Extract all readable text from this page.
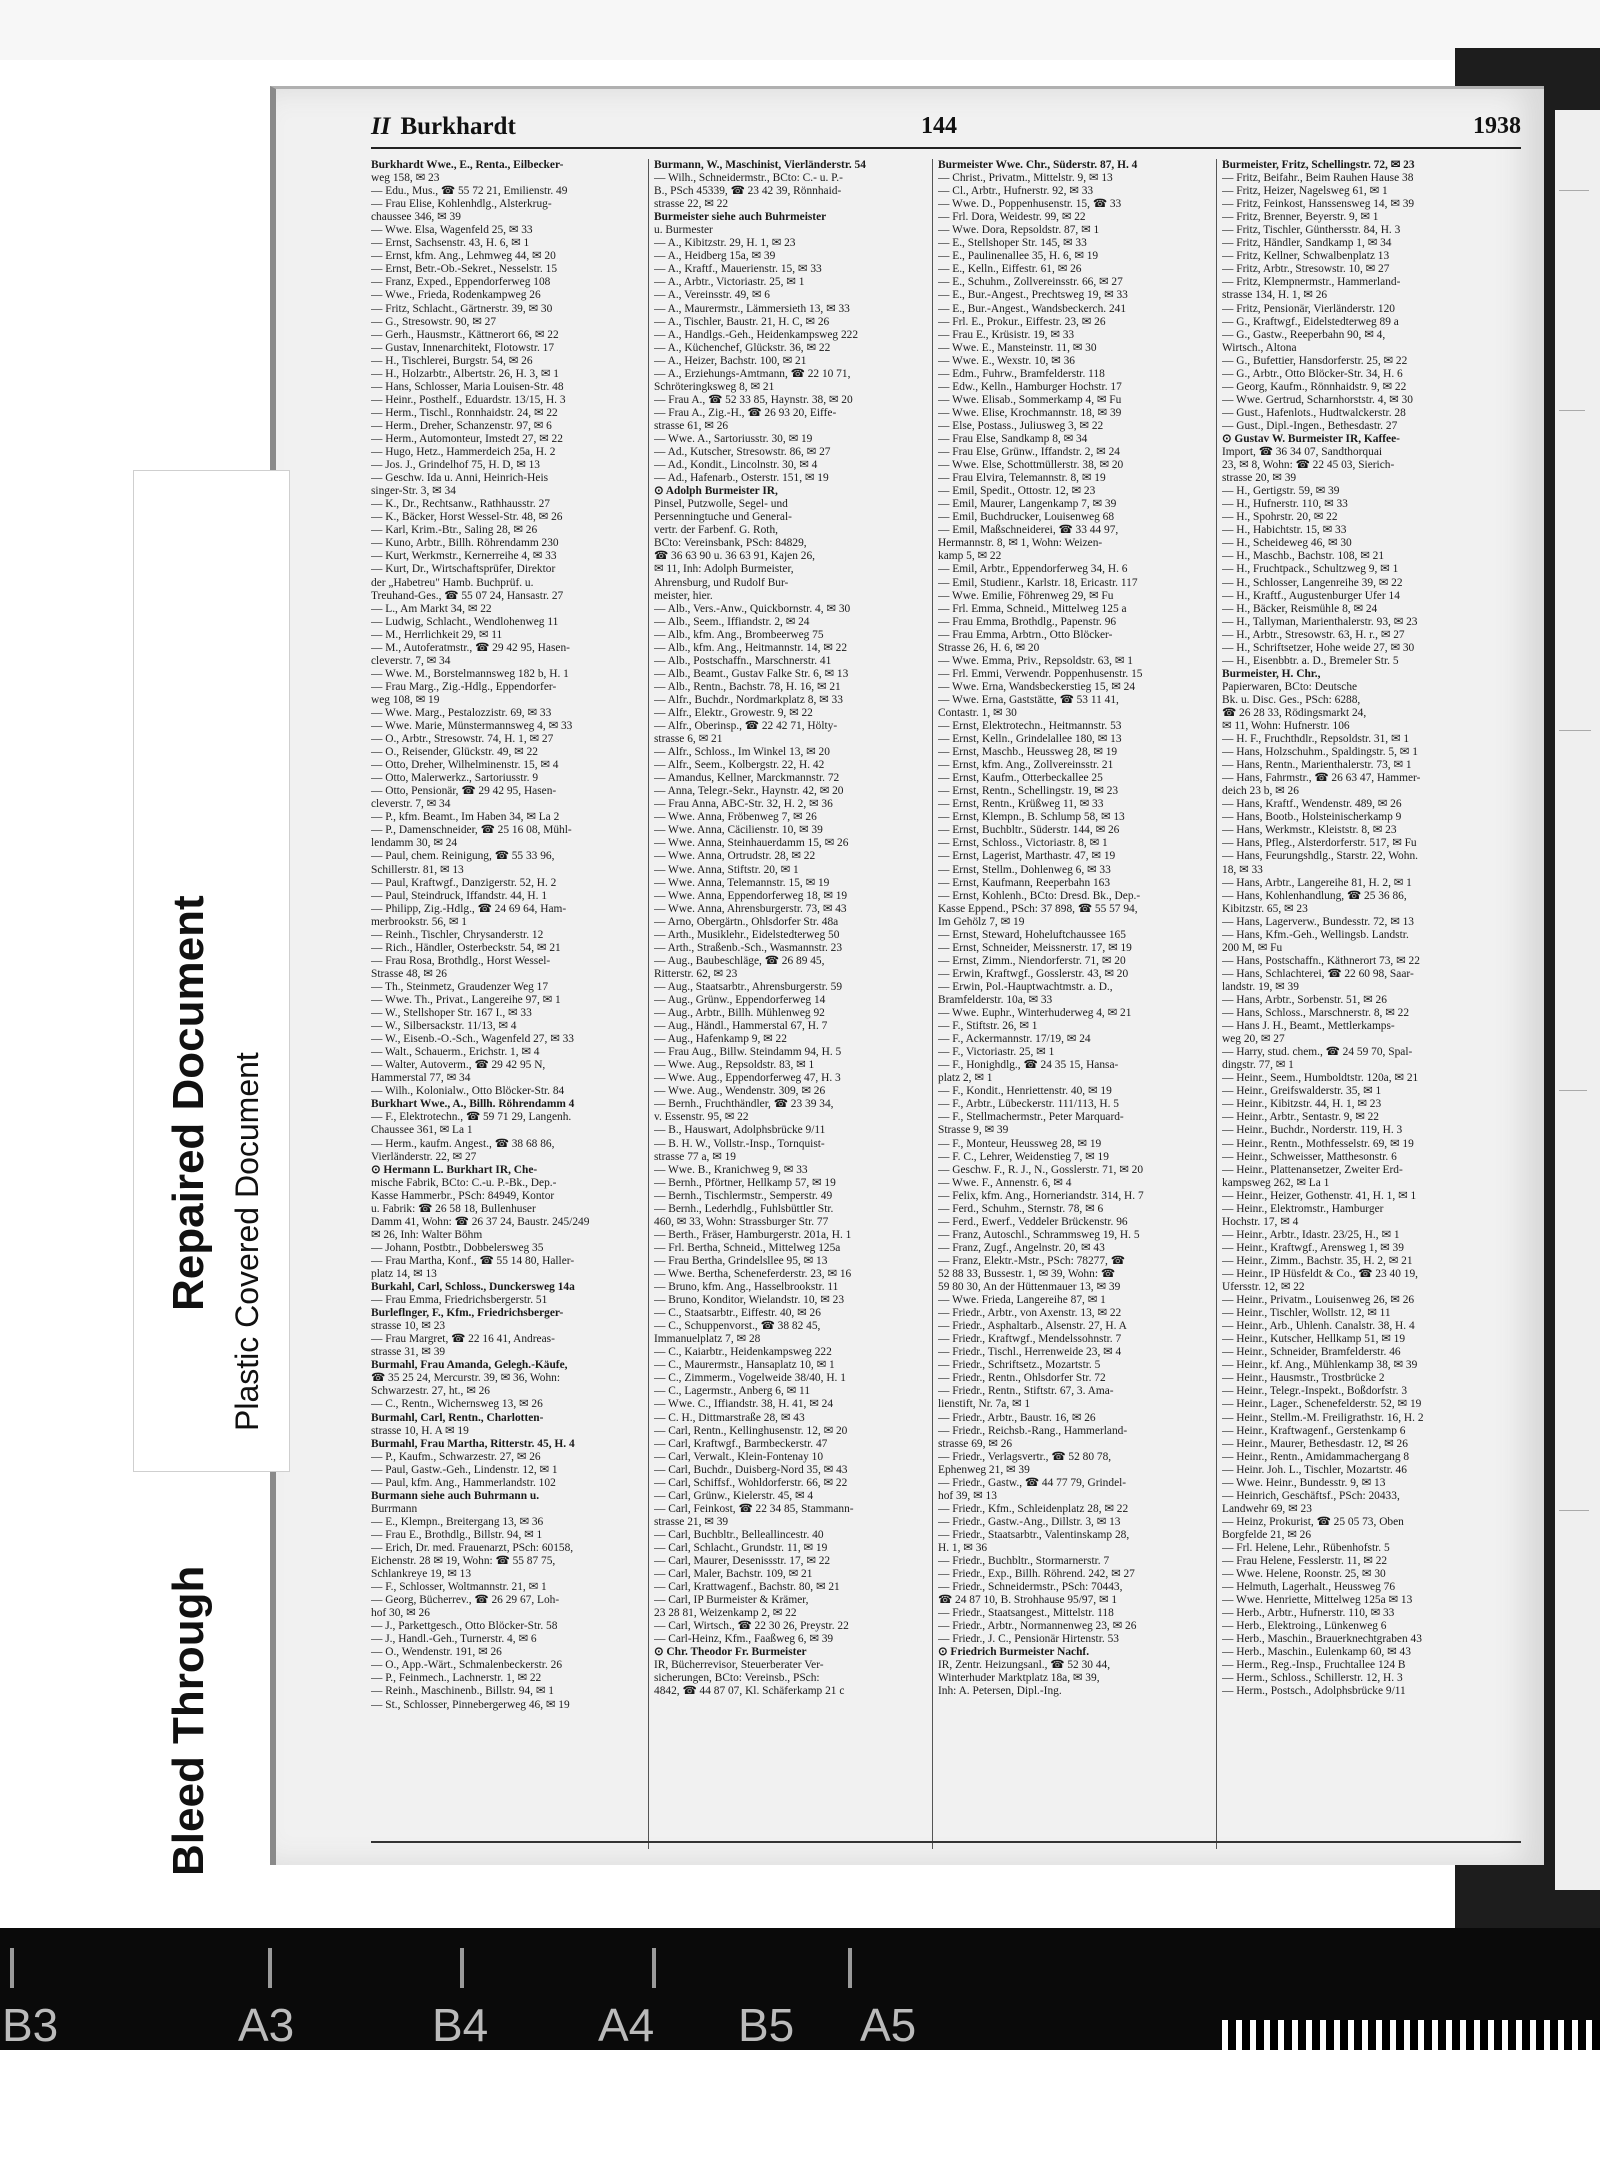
II Burkhardt	144	1938
Burkhardt Wwe., E., Renta., Eilbecker-
weg 158, ✉ 23
— Edu., Mus., ☎ 55 72 21, Emilienstr. 49
— Frau Elise, Kohlenhdlg., Alsterkrug-
chaussee 346, ✉ 39
— Wwe. Elsa, Wagenfeld 25, ✉ 33
— Ernst, Sachsenstr. 43, H. 6, ✉ 1
— Ernst, kfm. Ang., Lehmweg 44, ✉ 20
— Ernst, Betr.-Ob.-Sekret., Nesselstr. 15
— Franz, Exped., Eppendorferweg 108
— Wwe., Frieda, Rodenkampweg 26
— Fritz, Schlacht., Gärtnerstr. 39, ✉ 30
— G., Stresowstr. 90, ✉ 27
— Gerh., Hausmstr., Kättnerort 66, ✉ 22
— Gustav, Innenarchitekt, Flotowstr. 17
— H., Tischlerei, Burgstr. 54, ✉ 26
— H., Holzarbtr., Albertstr. 26, H. 3, ✉ 1
— Hans, Schlosser, Maria Louisen-Str. 48
— Heinr., Posthelf., Eduardstr. 13/15, H. 3
— Herm., Tischl., Ronnhaidstr. 24, ✉ 22
— Herm., Dreher, Schanzenstr. 97, ✉ 6
— Herm., Automonteur, Imstedt 27, ✉ 22
— Hugo, Hetz., Hammerdeich 25a, H. 2
— Jos. J., Grindelhof 75, H. D, ✉ 13
— Geschw. Ida u. Anni, Heinrich-Heis
singer-Str. 3, ✉ 34
— K., Dr., Rechtsanw., Rathhausstr. 27
— K., Bäcker, Horst Wessel-Str. 48, ✉ 26
— Karl, Krim.-Btr., Saling 28, ✉ 26
— Kuno, Arbtr., Billh. Röhrendamm 230
— Kurt, Werkmstr., Kernerreihe 4, ✉ 33
— Kurt, Dr., Wirtschaftsprüfer, Direktor
der „Habetreu" Hamb. Buchprüf. u.
Treuhand-Ges., ☎ 55 07 24, Hansastr. 27
— L., Am Markt 34, ✉ 22
— Ludwig, Schlacht., Wendlohenweg 11
— M., Herrlichkeit 29, ✉ 11
— M., Autoferatmstr., ☎ 29 42 95, Hasen-
cleverstr. 7, ✉ 34
— Wwe. M., Borstelmannsweg 182 b, H. 1
— Frau Marg., Zig.-Hdlg., Eppendorfer-
weg 108, ✉ 19
— Wwe. Marg., Pestalozzistr. 69, ✉ 33
— Wwe. Marie, Münstermannsweg 4, ✉ 33
— O., Arbtr., Stresowstr. 74, H. 1, ✉ 27
— O., Reisender, Glückstr. 49, ✉ 22
— Otto, Dreher, Wilhelminenstr. 15, ✉ 4
— Otto, Malerwerkz., Sartoriusstr. 9
— Otto, Pensionär, ☎ 29 42 95, Hasen-
cleverstr. 7, ✉ 34
— P., kfm. Beamt., Im Haben 34, ✉ La 2
— P., Damenschneider, ☎ 25 16 08, Mühl-
lendamm 30, ✉ 24
— Paul, chem. Reinigung, ☎ 55 33 96,
Schillerstr. 81, ✉ 13
— Paul, Kraftwgf., Danzigerstr. 52, H. 2
— Paul, Steindruck, Iffandstr. 44, H. 1
— Philipp, Zig.-Hdlg., ☎ 24 69 64, Ham-
merbrookstr. 56, ✉ 1
— Reinh., Tischler, Chrysanderstr. 12
— Rich., Händler, Osterbeckstr. 54, ✉ 21
— Frau Rosa, Brothdlg., Horst Wessel-
Strasse 48, ✉ 26
— Th., Steinmetz, Graudenzer Weg 17
— Wwe. Th., Privat., Langereihe 97, ✉ 1
— W., Stellshoper Str. 167 I., ✉ 33
— W., Silbersackstr. 11/13, ✉ 4
— W., Eisenb.-O.-Sch., Wagenfeld 27, ✉ 33
— Walt., Schauerm., Erichstr. 1, ✉ 4
— Walter, Autoverm., ☎ 29 42 95 N,
Hammerstal 77, ✉ 34
— Wilh., Kolonialw., Otto Blöcker-Str. 84
Burkhart Wwe., A., Billh. Röhrendamm 4
— F., Elektrotechn., ☎ 59 71 29, Langenh.
Chaussee 361, ✉ La 1
— Herm., kaufm. Angest., ☎ 38 68 86,
Vierländerstr. 22, ✉ 27
⊙ Hermann L. Burkhart IR, Che-
mische Fabrik, BCto: C.-u. P.-Bk., Dep.-
Kasse Hammerbr., PSch: 84949, Kontor
u. Fabrik: ☎ 26 58 18, Bullenhuser
Damm 41, Wohn: ☎ 26 37 24, Baustr. 245/249
✉ 26, Inh: Walter Böhm
— Johann, Postbtr., Dobbelersweg 35
— Frau Martha, Konf., ☎ 55 14 80, Haller-
platz 14, ✉ 13
Burkahl, Carl, Schloss., Dunckersweg 14a
— Frau Emma, Friedrichsbergerstr. 51
Burleflnger, F., Kfm., Friedrichsberger-
strasse 10, ✉ 23
— Frau Margret, ☎ 22 16 41, Andreas-
strasse 31, ✉ 39
Burmahl, Frau Amanda, Gelegh.-Käufe,
☎ 35 25 24, Mercurstr. 39, ✉ 36, Wohn:
Schwarzestr. 27, ht., ✉ 26
— C., Rentn., Wichernsweg 13, ✉ 26
Burmahl, Carl, Rentn., Charlotten-
strasse 10, H. A ✉ 19
Burmahl, Frau Martha, Ritterstr. 45, H. 4
— P., Kaufm., Schwarzestr. 27, ✉ 26
— Paul, Gastw.-Geh., Lindenstr. 12, ✉ 1
— Paul, kfm. Ang., Hammerlandstr. 102
Burmann siehe auch Buhrmann u.
Burrmann
— E., Klempn., Breitergang 13, ✉ 36
— Frau E., Brothdlg., Billstr. 94, ✉ 1
— Erich, Dr. med. Frauenarzt, PSch: 60158,
Eichenstr. 28 ✉ 19, Wohn: ☎ 55 87 75,
Schlankreye 19, ✉ 13
— F., Schlosser, Woltmannstr. 21, ✉ 1
— Georg, Bücherrev., ☎ 26 29 67, Loh-
hof 30, ✉ 26
— J., Parkettgesch., Otto Blöcker-Str. 58
— J., Handl.-Geh., Turnerstr. 4, ✉ 6
— O., Wendenstr. 191, ✉ 26
— O., App.-Wärt., Schmalenbeckerstr. 26
— P., Feinmech., Lachnerstr. 1, ✉ 22
— Reinh., Maschinenb., Billstr. 94, ✉ 1
— St., Schlosser, Pinnebergerweg 46, ✉ 19
Burmann, W., Maschinist, Vierländerstr. 54
— Wilh., Schneidermstr., BCto: C.- u. P.-
B., PSch 45339, ☎ 23 42 39, Rönnhaid-
strasse 22, ✉ 22
Burmeister siehe auch Buhrmeister
u. Burmester
— A., Kibitzstr. 29, H. 1, ✉ 23
— A., Heidberg 15a, ✉ 39
— A., Kraftf., Mauerienstr. 15, ✉ 33
— A., Arbtr., Victoriastr. 25, ✉ 1
— A., Vereinsstr. 49, ✉ 6
— A., Maurermstr., Lämmersieth 13, ✉ 33
— A., Tischler, Baustr. 21, H. C, ✉ 26
— A., Handlgs.-Geh., Heidenkampsweg 222
— A., Küchenchef, Glückstr. 36, ✉ 22
— A., Heizer, Bachstr. 100, ✉ 21
— A., Erziehungs-Amtmann, ☎ 22 10 71,
Schröteringksweg 8, ✉ 21
— Frau A., ☎ 52 33 85, Haynstr. 38, ✉ 20
— Frau A., Zig.-H., ☎ 26 93 20, Eiffe-
strasse 61, ✉ 26
— Wwe. A., Sartoriusstr. 30, ✉ 19
— Ad., Kutscher, Stresowstr. 86, ✉ 27
— Ad., Kondit., Lincolnstr. 30, ✉ 4
— Ad., Hafenarb., Osterstr. 151, ✉ 19
⊙ Adolph Burmeister IR,
Pinsel, Putzwolle, Segel- und
Persenningtuche und General-
vertr. der Farbenf. G. Roth,
BCto: Vereinsbank, PSch: 84829,
☎ 36 63 90 u. 36 63 91, Kajen 26,
✉ 11, Inh: Adolph Burmeister,
Ahrensburg, und Rudolf Bur-
meister, hier.
— Alb., Vers.-Anw., Quickbornstr. 4, ✉ 30
— Alb., Seem., Iffiandstr. 2, ✉ 24
— Alb., kfm. Ang., Brombeerweg 75
— Alb., kfm. Ang., Heitmannstr. 14, ✉ 22
— Alb., Postschaffn., Marschnerstr. 41
— Alb., Beamt., Gustav Falke Str. 6, ✉ 13
— Alb., Rentn., Bachstr. 78, H. 16, ✉ 21
— Alfr., Buchdr., Nordmarkplatz 8, ✉ 33
— Alfr., Elektr., Growestr. 9, ✉ 22
— Alfr., Oberinsp., ☎ 22 42 71, Hölty-
strasse 6, ✉ 21
— Alfr., Schloss., Im Winkel 13, ✉ 20
— Alfr., Seem., Kolbergstr. 22, H. 42
— Amandus, Kellner, Marckmannstr. 72
— Anna, Telegr.-Sekr., Haynstr. 42, ✉ 20
— Frau Anna, ABC-Str. 32, H. 2, ✉ 36
— Wwe. Anna, Fröbenweg 7, ✉ 26
— Wwe. Anna, Cäcilienstr. 10, ✉ 39
— Wwe. Anna, Steinhauerdamm 15, ✉ 26
— Wwe. Anna, Ortrudstr. 28, ✉ 22
— Wwe. Anna, Stiftstr. 20, ✉ 1
— Wwe. Anna, Telemannstr. 15, ✉ 19
— Wwe. Anna, Eppendorferweg 18, ✉ 19
— Wwe. Anna, Ahrensburgerstr. 73, ✉ 43
— Arno, Obergärtn., Ohlsdorfer Str. 48a
— Arth., Musiklehr., Eidelstedterweg 50
— Arth., Straßenb.-Sch., Wasmannstr. 23
— Aug., Baubeschläge, ☎ 26 89 45,
Ritterstr. 62, ✉ 23
— Aug., Staatsarbtr., Ahrensburgerstr. 59
— Aug., Grünw., Eppendorferweg 14
— Aug., Arbtr., Billh. Mühlenweg 92
— Aug., Händl., Hammerstal 67, H. 7
— Aug., Hafenkamp 9, ✉ 22
— Frau Aug., Billw. Steindamm 94, H. 5
— Wwe. Aug., Repsoldstr. 83, ✉ 1
— Wwe. Aug., Eppendorferweg 47, H. 3
— Wwe. Aug., Wendenstr. 309, ✉ 26
— Bernh., Fruchthändler, ☎ 23 39 34,
v. Essenstr. 95, ✉ 22
— B., Hauswart, Adolphsbrücke 9/11
— B. H. W., Vollstr.-Insp., Tornquist-
strasse 77 a, ✉ 19
— Wwe. B., Kranichweg 9, ✉ 33
— Bernh., Pförtner, Hellkamp 57, ✉ 19
— Bernh., Tischlermstr., Semperstr. 49
— Bernh., Lederhdlg., Fuhlsbüttler Str.
460, ✉ 33, Wohn: Strassburger Str. 77
— Berth., Fräser, Hamburgerstr. 201a, H. 1
— Frl. Bertha, Schneid., Mittelweg 125a
— Frau Bertha, Grindelsllee 95, ✉ 13
— Wwe. Bertha, Scheneferderstr. 23, ✉ 16
— Bruno, kfm. Ang., Hasselbrookstr. 11
— Bruno, Konditor, Wielandstr. 10, ✉ 23
— C., Staatsarbtr., Eiffestr. 40, ✉ 26
— C., Schuppenvorst., ☎ 38 82 45,
Immanuelplatz 7, ✉ 28
— C., Kaiarbtr., Heidenkampsweg 222
— C., Maurermstr., Hansaplatz 10, ✉ 1
— C., Zimmerm., Vogelweide 38/40, H. 1
— C., Lagermstr., Anberg 6, ✉ 11
— Wwe. C., Iffiandstr. 38, H. 41, ✉ 24
— C. H., Dittmarstraße 28, ✉ 43
— Carl, Rentn., Kellinghusenstr. 12, ✉ 20
— Carl, Kraftwgf., Barmbeckerstr. 47
— Carl, Verwalt., Klein-Fontenay 10
— Carl, Buchdr., Duisberg-Nord 35, ✉ 43
— Carl, Schiffsf., Wohldorferstr. 66, ✉ 22
— Carl, Grünw., Kielerstr. 45, ✉ 4
— Carl, Feinkost, ☎ 22 34 85, Stammann-
strasse 21, ✉ 39
— Carl, Buchbltr., Belleallincestr. 40
— Carl, Schlacht., Grundstr. 11, ✉ 19
— Carl, Maurer, Desenissstr. 17, ✉ 22
— Carl, Maler, Bachstr. 109, ✉ 21
— Carl, Krattwagenf., Bachstr. 80, ✉ 21
— Carl, IP Burmeister & Krämer,
23 28 81, Weizenkamp 2, ✉ 22
— Carl, Wirtsch., ☎ 22 30 26, Preystr. 22
— Carl-Heinz, Kfm., Faaßweg 6, ✉ 39
⊙ Chr. Theodor Fr. Burmeister
IR, Bücherrevisor, Steuerberater Ver-
sicherungen, BCto: Vereinsb., PSch:
4842, ☎ 44 87 07, Kl. Schäferkamp 21 c
Burmeister Wwe. Chr., Süderstr. 87, H. 4
— Christ., Privatm., Mittelstr. 9, ✉ 13
— Cl., Arbtr., Hufnerstr. 92, ✉ 33
— Wwe. D., Poppenhusenstr. 15, ☎ 33
— Frl. Dora, Weidestr. 99, ✉ 22
— Wwe. Dora, Repsoldstr. 87, ✉ 1
— E., Stellshoper Str. 145, ✉ 33
— E., Paulinenallee 35, H. 6, ✉ 19
— E., Kelln., Eiffestr. 61, ✉ 26
— E., Schuhm., Zollvereinsstr. 66, ✉ 27
— E., Bur.-Angest., Prechtsweg 19, ✉ 33
— E., Bur.-Angest., Wandsbeckerch. 241
— Frl. E., Prokur., Eiffestr. 23, ✉ 26
— Frau E., Krüsistr. 19, ✉ 33
— Wwe. E., Mansteinstr. 11, ✉ 30
— Wwe. E., Wexstr. 10, ✉ 36
— Edm., Fuhrw., Bramfelderstr. 118
— Edw., Kelln., Hamburger Hochstr. 17
— Wwe. Elisab., Sommerkamp 4, ✉ Fu
— Wwe. Elise, Krochmannstr. 18, ✉ 39
— Else, Postass., Juliusweg 3, ✉ 22
— Frau Else, Sandkamp 8, ✉ 34
— Frau Else, Grünw., Iffandstr. 2, ✉ 24
— Wwe. Else, Schottmüllerstr. 38, ✉ 20
— Frau Elvira, Telemannstr. 8, ✉ 19
— Emil, Spedit., Ottostr. 12, ✉ 23
— Emil, Maurer, Langenkamp 7, ✉ 39
— Emil, Buchdrucker, Louisenweg 68
— Emil, Maßschneiderei, ☎ 33 44 97,
Hermannstr. 8, ✉ 1, Wohn: Weizen-
kamp 5, ✉ 22
— Emil, Arbtr., Eppendorferweg 34, H. 6
— Emil, Studienr., Karlstr. 18, Ericastr. 117
— Wwe. Emilie, Föhrenweg 29, ✉ Fu
— Frl. Emma, Schneid., Mittelweg 125 a
— Frau Emma, Brothdlg., Papenstr. 96
— Frau Emma, Arbtrn., Otto Blöcker-
Strasse 26, H. 6, ✉ 20
— Wwe. Emma, Priv., Repsoldstr. 63, ✉ 1
— Frl. Emmi, Verwendr. Poppenhusenstr. 15
— Wwe. Erna, Wandsbeckerstieg 15, ✉ 24
— Wwe. Erna, Gaststätte, ☎ 53 11 41,
Contastr. 1, ✉ 30
— Ernst, Elektrotechn., Heitmannstr. 53
— Ernst, Kelln., Grindelallee 180, ✉ 13
— Ernst, Maschb., Heussweg 28, ✉ 19
— Ernst, kfm. Ang., Zollvereinsstr. 21
— Ernst, Kaufm., Otterbeckallee 25
— Ernst, Rentn., Schellingstr. 19, ✉ 23
— Ernst, Rentn., Krüßweg 11, ✉ 33
— Ernst, Klempn., B. Schlump 58, ✉ 13
— Ernst, Buchbltr., Süderstr. 144, ✉ 26
— Ernst, Schloss., Victoriastr. 8, ✉ 1
— Ernst, Lagerist, Marthastr. 47, ✉ 19
— Ernst, Stellm., Dohlenweg 6, ✉ 33
— Ernst, Kaufmann, Reeperbahn 163
— Ernst, Kohlenh., BCto: Dresd. Bk., Dep.-
Kasse Eppend., PSch: 37 898, ☎ 55 57 94,
Im Gehölz 7, ✉ 19
— Ernst, Steward, Hoheluftchaussee 165
— Ernst, Schneider, Meissnerstr. 17, ✉ 19
— Ernst, Zimm., Niendorferstr. 71, ✉ 20
— Erwin, Kraftwgf., Gosslerstr. 43, ✉ 20
— Erwin, Pol.-Hauptwachtmstr. a. D.,
Bramfelderstr. 10a, ✉ 33
— Wwe. Euphr., Winterhuderweg 4, ✉ 21
— F., Stiftstr. 26, ✉ 1
— F., Ackermannstr. 17/19, ✉ 24
— F., Victoriastr. 25, ✉ 1
— F., Honighdlg., ☎ 24 35 15, Hansa-
platz 2, ✉ 1
— F., Kondit., Henriettenstr. 40, ✉ 19
— F., Arbtr., Lübeckerstr. 111/113, H. 5
— F., Stellmachermstr., Peter Marquard-
Strasse 9, ✉ 39
— F., Monteur, Heussweg 28, ✉ 19
— F. C., Lehrer, Weidenstieg 7, ✉ 19
— Geschw. F., R. J., N., Gosslerstr. 71, ✉ 20
— Wwe. F., Annenstr. 6, ✉ 4
— Felix, kfm. Ang., Horneriandstr. 314, H. 7
— Ferd., Schuhm., Sternstr. 78, ✉ 6
— Ferd., Ewerf., Veddeler Brückenstr. 96
— Franz, Autoschl., Schrammsweg 19, H. 5
— Franz, Zugf., Angelnstr. 20, ✉ 43
— Franz, Elektr.-Mstr., PSch: 78277, ☎
52 88 33, Bussestr. 1, ✉ 39, Wohn: ☎
59 80 30, An der Hüttenmauer 13, ✉ 39
— Wwe. Frieda, Langereihe 87, ✉ 1
— Friedr., Arbtr., von Axenstr. 13, ✉ 22
— Friedr., Asphaltarb., Alsenstr. 27, H. A
— Friedr., Kraftwgf., Mendelssohnstr. 7
— Friedr., Tischl., Herrenweide 23, ✉ 4
— Friedr., Schriftsetz., Mozartstr. 5
— Friedr., Rentn., Ohlsdorfer Str. 72
— Friedr., Rentn., Stiftstr. 67, 3. Ama-
lienstift, Nr. 7a, ✉ 1
— Friedr., Arbtr., Baustr. 16, ✉ 26
— Friedr., Reichsb.-Rang., Hammerland-
strasse 69, ✉ 26
— Friedr., Verlagsvertr., ☎ 52 80 78,
Ephenweg 21, ✉ 39
— Friedr., Gastw., ☎ 44 77 79, Grindel-
hof 39, ✉ 13
— Friedr., Kfm., Schleidenplatz 28, ✉ 22
— Friedr., Gastw.-Ang., Dillstr. 3, ✉ 13
— Friedr., Staatsarbtr., Valentinskamp 28,
H. 1, ✉ 36
— Friedr., Buchbltr., Stormarnerstr. 7
— Friedr., Exp., Billh. Röhrend. 242, ✉ 27
— Friedr., Schneidermstr., PSch: 70443,
☎ 24 87 10, B. Strohhause 95/97, ✉ 1
— Friedr., Staatsangest., Mittelstr. 118
— Friedr., Arbtr., Normannenweg 23, ✉ 26
— Friedr., J. C., Pensionär Hirtenstr. 53
⊙ Friedrich Burmeister Nachf.
IR, Zentr. Heizungsanl., ☎ 52 30 44,
Winterhuder Marktplatz 18a, ✉ 39,
Inh: A. Petersen, Dipl.-Ing.
Burmeister, Fritz, Schellingstr. 72, ✉ 23
— Fritz, Beifahr., Beim Rauhen Hause 38
— Fritz, Heizer, Nagelsweg 61, ✉ 1
— Fritz, Feinkost, Hanssensweg 14, ✉ 39
— Fritz, Brenner, Beyerstr. 9, ✉ 1
— Fritz, Tischler, Günthersstr. 84, H. 3
— Fritz, Händler, Sandkamp 1, ✉ 34
— Fritz, Kellner, Schwalbenplatz 13
— Fritz, Arbtr., Stresowstr. 10, ✉ 27
— Fritz, Klempnermstr., Hammerland-
strasse 134, H. 1, ✉ 26
— Fritz, Pensionär, Vierländerstr. 120
— G., Kraftwgf., Eidelstedterweg 89 a
— G., Gastw., Reeperbahn 90, ✉ 4,
Wirtsch., Altona
— G., Bufettier, Hansdorferstr. 25, ✉ 22
— G., Arbtr., Otto Blöcker-Str. 34, H. 6
— Georg, Kaufm., Rönnhaidstr. 9, ✉ 22
— Wwe. Gertrud, Scharnhorststr. 4, ✉ 30
— Gust., Hafenlots., Hudtwalckerstr. 28
— Gust., Dipl.-Ingen., Bethesdastr. 27
⊙ Gustav W. Burmeister IR, Kaffee-
Import, ☎ 36 34 07, Sandthorquai
23, ✉ 8, Wohn: ☎ 22 45 03, Sierich-
strasse 20, ✉ 39
— H., Gertigstr. 59, ✉ 39
— H., Hufnerstr. 110, ✉ 33
— H., Spohrstr. 20, ✉ 22
— H., Habichtstr. 15, ✉ 33
— H., Scheideweg 46, ✉ 30
— H., Maschb., Bachstr. 108, ✉ 21
— H., Fruchtpack., Schultzweg 9, ✉ 1
— H., Schlosser, Langenreihe 39, ✉ 22
— H., Kraftf., Augustenburger Ufer 14
— H., Bäcker, Reismühle 8, ✉ 24
— H., Tallyman, Marienthalerstr. 93, ✉ 23
— H., Arbtr., Stresowstr. 63, H. r., ✉ 27
— H., Schriftsetzer, Hohe weide 27, ✉ 30
— H., Eisenbbtr. a. D., Bremeler Str. 5
Burmeister, H. Chr.,
Papierwaren, BCto: Deutsche
Bk. u. Disc. Ges., PSch: 6288,
☎ 26 28 33, Rödingsmarkt 24,
✉ 11, Wohn: Hufnerstr. 106
— H. F., Fruchthdlr., Repsoldstr. 31, ✉ 1
— Hans, Holzschuhm., Spaldingstr. 5, ✉ 1
— Hans, Rentn., Marienthalerstr. 73, ✉ 1
— Hans, Fahrmstr., ☎ 26 63 47, Hammer-
deich 23 b, ✉ 26
— Hans, Kraftf., Wendenstr. 489, ✉ 26
— Hans, Bootb., Holsteinischerkamp 9
— Hans, Werkmstr., Kleiststr. 8, ✉ 23
— Hans, Pfleg., Alsterdorferstr. 517, ✉ Fu
— Hans, Feurungshdlg., Starstr. 22, Wohn.
18, ✉ 33
— Hans, Arbtr., Langereihe 81, H. 2, ✉ 1
— Hans, Kohlenhandlung, ☎ 25 36 86,
Kibitzstr. 65, ✉ 23
— Hans, Lagerverw., Bundesstr. 72, ✉ 13
— Hans, Kfm.-Geh., Wellingsb. Landstr.
200 M, ✉ Fu
— Hans, Postschaffn., Käthnerort 73, ✉ 22
— Hans, Schlachterei, ☎ 22 60 98, Saar-
landstr. 19, ✉ 39
— Hans, Arbtr., Sorbenstr. 51, ✉ 26
— Hans, Schloss., Marschnerstr. 8, ✉ 22
— Hans J. H., Beamt., Mettlerkamps-
weg 20, ✉ 27
— Harry, stud. chem., ☎ 24 59 70, Spal-
dingstr. 77, ✉ 1
— Heinr., Seem., Humboldtstr. 120a, ✉ 21
— Heinr., Greifswalderstr. 35, ✉ 1
— Heinr., Kibitzstr. 44, H. 1, ✉ 23
— Heinr., Arbtr., Sentastr. 9, ✉ 22
— Heinr., Buchdr., Norderstr. 119, H. 3
— Heinr., Rentn., Mothfesselstr. 69, ✉ 19
— Heinr., Schweisser, Matthesonstr. 6
— Heinr., Plattenansetzer, Zweiter Erd-
kampsweg 262, ✉ La 1
— Heinr., Heizer, Gothenstr. 41, H. 1, ✉ 1
— Heinr., Elektromstr., Hamburger
Hochstr. 17, ✉ 4
— Heinr., Arbtr., Idastr. 23/25, H., ✉ 1
— Heinr., Kraftwgf., Arensweg 1, ✉ 39
— Heinr., Zimm., Bachstr. 35, H. 2, ✉ 21
— Heinr., IP Hüsfeldt & Co., ☎ 23 40 19,
Ufersstr. 12, ✉ 22
— Heinr., Privatm., Louisenweg 26, ✉ 26
— Heinr., Tischler, Wollstr. 12, ✉ 11
— Heinr., Arb., Uhlenh. Canalstr. 38, H. 4
— Heinr., Kutscher, Hellkamp 51, ✉ 19
— Heinr., Schneider, Bramfelderstr. 46
— Heinr., kf. Ang., Mühlenkamp 38, ✉ 39
— Heinr., Hausmstr., Trostbrücke 2
— Heinr., Telegr.-Inspekt., Boßdorfstr. 3
— Heinr., Lager., Schenefelderstr. 52, ✉ 19
— Heinr., Stellm.-M. Freiligrathstr. 16, H. 2
— Heinr., Kraftwagenf., Gerstenkamp 6
— Heinr., Maurer, Bethesdastr. 12, ✉ 26
— Heinr., Rentn., Amidammachergang 8
— Heinr. Joh. L., Tischler, Mozartstr. 46
— Wwe. Heinr., Bundesstr. 9, ✉ 13
— Heinrich, Geschäftsf., PSch: 20433,
Landwehr 69, ✉ 23
— Heinz, Prokurist, ☎ 25 05 73, Oben
Borgfelde 21, ✉ 26
— Frl. Helene, Lehr., Rübenhofstr. 5
— Frau Helene, Fesslerstr. 11, ✉ 22
— Wwe. Helene, Roonstr. 25, ✉ 30
— Helmuth, Lagerhalt., Heussweg 76
— Wwe. Henriette, Mittelweg 125a ✉ 13
— Herb., Arbtr., Hufnerstr. 110, ✉ 33
— Herb., Elektroing., Lünkenweg 6
— Herb., Maschin., Brauerknechtgraben 43
— Herb., Maschin., Eulenkamp 60, ✉ 43
— Herm., Reg.-Insp., Fruchtallee 124 B
— Herm., Schloss., Schillerstr. 12, H. 3
— Herm., Postsch., Adolphsbrücke 9/11
Bleed Through
Repaired Document Plastic Covered Document
B3	A3	B4 A4 B5 A5
